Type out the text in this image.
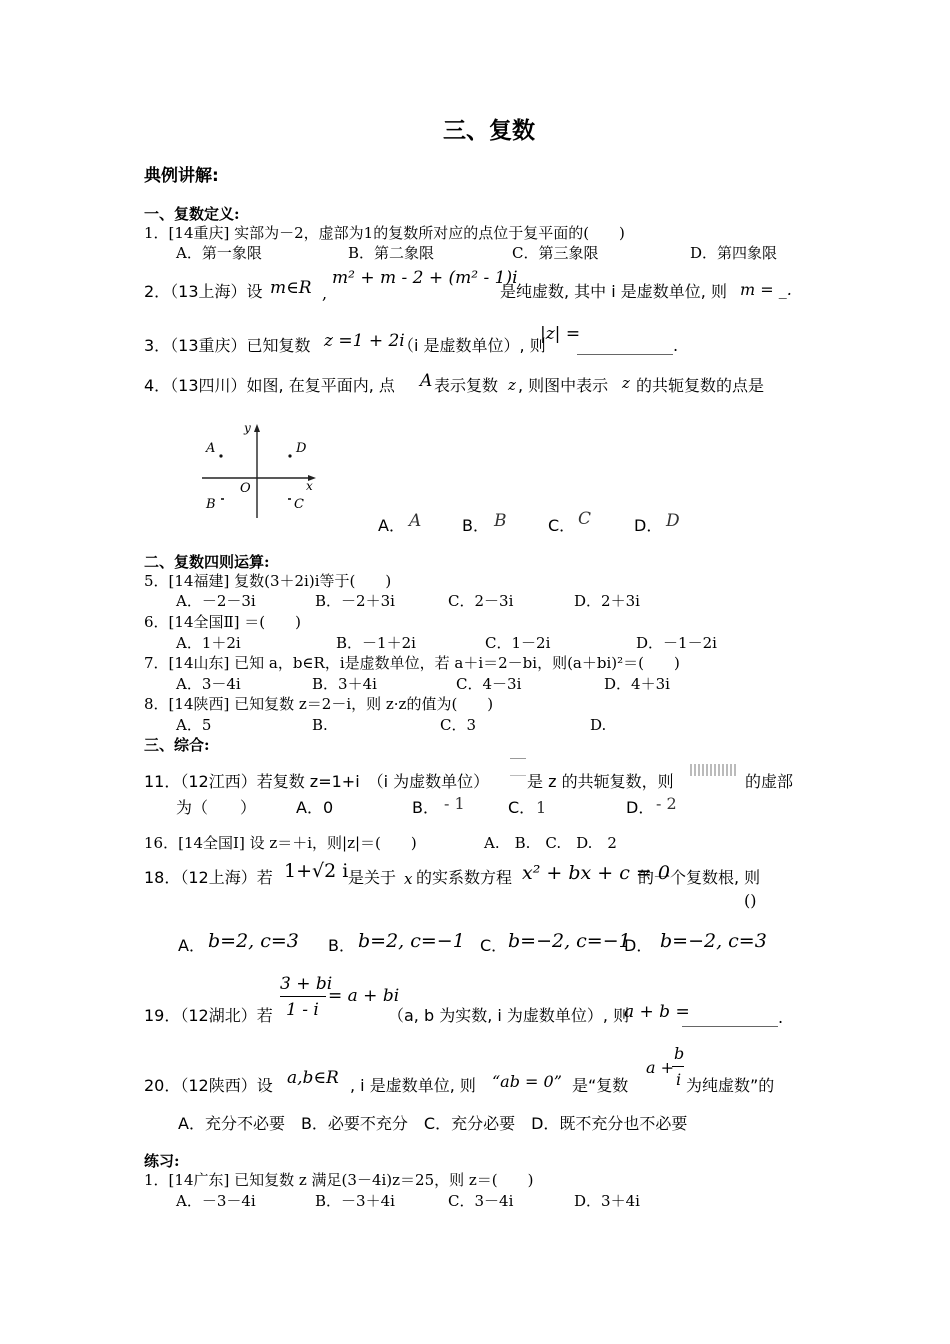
三、复数
典例讲解:
一、复数定义:
1．[14重庆] 实部为－2，虚部为1的复数所对应的点位于复平面的(　　)
A．第一象限	B．第二象限	C．第三象限	D．第四象限
2．（13上海）设 m∈R ,
m² + m - 2 + (m² - 1)i
是纯虚数, 其中 i 是虚数单位, 则 m = _.
3．（13重庆）已知复数 z =1 + 2i
（i 是虚数单位）, 则
|z| =
____________.
4．（13四川）如图, 在复平面内, 点 A 表示复数 z , 则图中表示 z 的共轭复数的点是
y
x
O
A	D
B	C
A． A	B． B	C． C	D． D
二、复数四则运算:
5．[14福建] 复数(3＋2i)i等于(　　)
A．－2－3i	B．－2＋3i	C．2－3i	D．2＋3i
6．[14全国Ⅱ] ＝(　　)
A．1＋2i	B．－1＋2i	C．1－2i	D．－1－2i
7．[14山东] 已知 a，b∈R，i是虚数单位，若 a＋i＝2－bi，则(a＋bi)²＝(　　)
A．3－4i	B．3＋4i	C．4－3i	D．4＋3i
8．[14陕西] 已知复数 z＝2－i，则 z·z的值为(　　)
A．5	B.	C．3	D.
三、综合:
11．（12江西）若复数 z=1+i　（i 为虚数单位） 是 z 的共轭复数，则	的虚部
为（　　） A．0	B． - 1	C． 1	D． - 2
16．[14全国Ⅰ] 设 z＝＋i，则|z|＝(　　)	A.　B.　C.　D.　2
18．（12上海）若 1+√2 i 是关于 x 的实系数方程 x² + bx + c = 0
的一个复数根, 则
()
A． b=2, c=3 B． b=2, c=−1 C． b=−2, c=−1
D． b=−2, c=3
19．（12湖北）若
3 + bi
1 - i
= a + bi
（a, b 为实数, i 为虚数单位）, 则
a + b =
____________.
20．（12陕西）设 a,b∈R , i 是虚数单位, 则 “ab = 0” 是“复数
a +
b
i 为纯虚数”的
A．充分不必要　B．必要不充分　C．充分必要　D．既不充分也不必要
练习:
1．[14广东] 已知复数 z 满足(3－4i)z＝25，则 z＝(　　)
A．－3－4i	B．－3＋4i	C．3－4i	D．3＋4i
